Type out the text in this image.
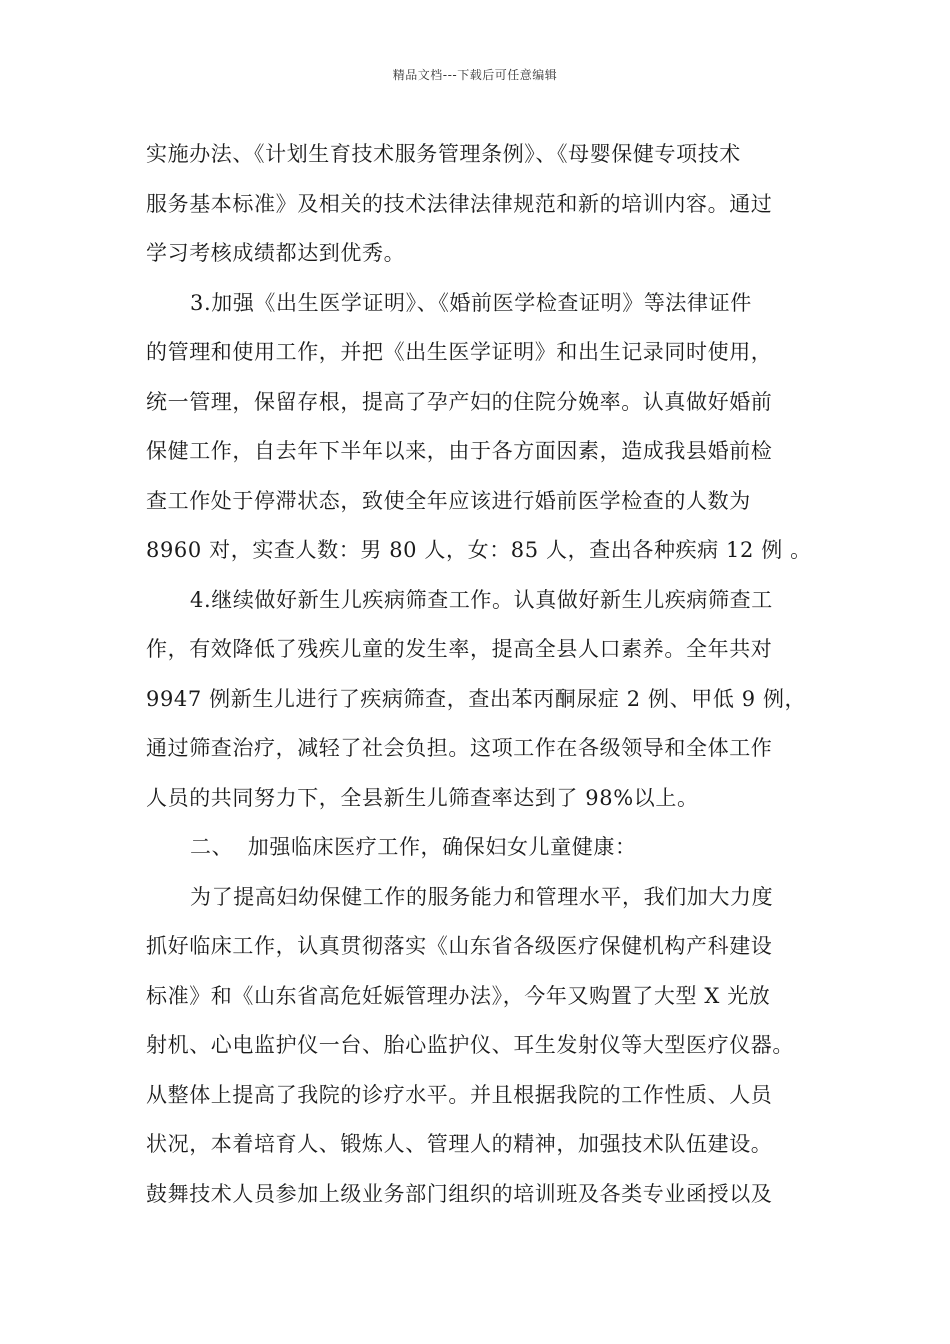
精品文档---下载后可任意编辑
实施办法、《计划生育技术服务管理条例》、《母婴保健专项技术
服务基本标准》及相关的技术法律法律规范和新的培训内容。通过
学习考核成绩都达到优秀。
3.加强《出生医学证明》、《婚前医学检查证明》等法律证件
的管理和使用工作，并把《出生医学证明》和出生记录同时使用，
统一管理，保留存根，提高了孕产妇的住院分娩率。认真做好婚前
保健工作，自去年下半年以来，由于各方面因素，造成我县婚前检
查工作处于停滞状态，致使全年应该进行婚前医学检查的人数为
8960 对，实查人数：男 80 人，女：85 人，查出各种疾病 12 例 。
4.继续做好新生儿疾病筛查工作。认真做好新生儿疾病筛查工
作，有效降低了残疾儿童的发生率，提高全县人口素养。全年共对
9947 例新生儿进行了疾病筛查，查出苯丙酮尿症 2 例、甲低 9 例，
通过筛查治疗，减轻了社会负担。这项工作在各级领导和全体工作
人员的共同努力下，全县新生儿筛查率达到了 98%以上。
二、  加强临床医疗工作，确保妇女儿童健康：
为了提高妇幼保健工作的服务能力和管理水平，我们加大力度
抓好临床工作，认真贯彻落实《山东省各级医疗保健机构产科建设
标准》和《山东省高危妊娠管理办法》，今年又购置了大型 X 光放
射机、心电监护仪一台、胎心监护仪、耳生发射仪等大型医疗仪器。
从整体上提高了我院的诊疗水平。并且根据我院的工作性质、人员
状况，本着培育人、锻炼人、管理人的精神，加强技术队伍建设。
鼓舞技术人员参加上级业务部门组织的培训班及各类专业函授以及
